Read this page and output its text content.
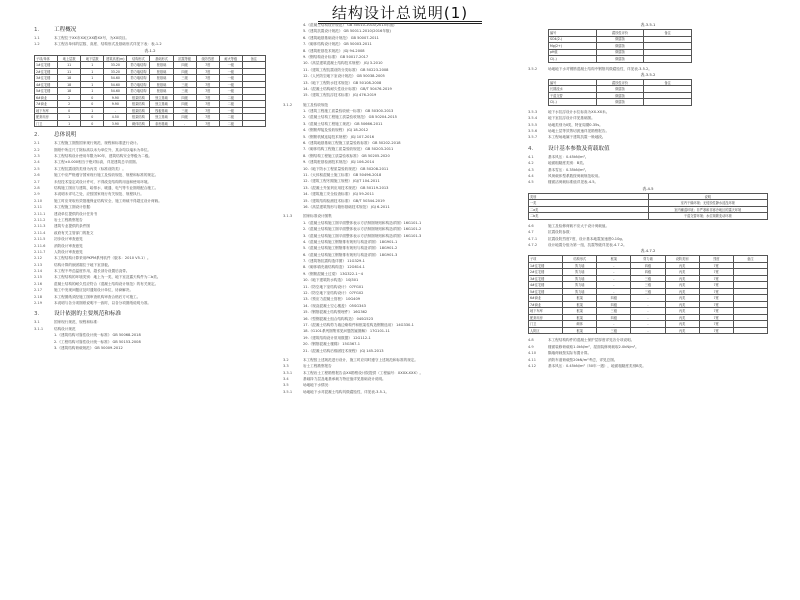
结构设计总说明(1)
1.	工程概况
1.1	本工程位于XX市XX区XX路XX号，为XX项目。
1.2	本工程各单体的层数、高度、结构形式及基础形式详见下表：表-1.2
表-1.2
子项/单体	地上层数	地下层数	建筑高度(m)	结构形式	基础形式	抗震等级	设防烈度	耐火等级	备注
1#住宅楼	11	1	33.20	剪力墙结构	桩基础	四级	7度	一级	
2#住宅楼	11	1	33.20	剪力墙结构	桩基础	四级	7度	一级	
3#住宅楼	18	1	54.60	剪力墙结构	桩基础	三级	7度	一级	
4#住宅楼	18	1	54.60	剪力墙结构	桩基础	三级	7度	一级	
5#住宅楼	18	1	54.60	剪力墙结构	桩基础	三级	7度	一级	
6#商业	2	0	9.90	框架结构	独立基础	四级	7度	二级	
7#商业	2	0	9.90	框架结构	独立基础	四级	7度	二级	
地下车库	0	1	-	框架结构	筏板基础	三级	7度	一级	
配套用房	1	0	4.50	框架结构	独立基础	四级	7度	二级	
门卫	1	0	3.90	砌体结构	条形基础	-	7度	二级	
2.	总体说明
2.1	本工程施工图按国家现行规范、规程和标准进行设计。
2.2	图纸中所注尺寸除标高以米为单位外，其余均以毫米为单位。
2.3	本工程结构设计使用年限为50年，建筑结构安全等级为二级。
2.4	本工程±0.000相当于绝对标高，详见建筑总平面图。
2.5	本工程抗震设防类别为丙类（标准设防类）。
2.6	施工中应严格遵守国家现行施工及验收规范、规程和标准的规定。
2.7	未经技术鉴定或设计许可，不得改变结构的用途和使用环境。
2.8	结构施工图应与建筑、给排水、暖通、电气等专业图纸配合施工。
2.9	本说明未详尽之处，应按国家现行有关规范、规程执行。
2.10	施工时应采取有效措施保证结构安全，施工荷载不得超过设计荷载。
2.11	本工程施工图设计依据：
2.11.1	建设单位提供的设计任务书
2.11.2	岩土工程勘察报告
2.11.3	建筑专业提供的条件图
2.11.4	政府有关主管部门的批文
2.11.5	初步设计审查意见
2.11.6	消防设计审查意见
2.11.7	人防设计审查意见
2.12	本工程结构计算采用PKPM系列软件（版本：2010 V5.1）。
2.13	结构计算的嵌固端位于地下室顶板。
2.14	本工程不考虑温度作用，超长部分设置后浇带。
2.15	本工程结构的环境类别：地上为一类，地下室及露天构件为二b类。
2.16	混凝土结构的耐久性应符合《混凝土结构设计规范》的有关规定。
2.17	施工中发现问题应及时通知设计单位，协商解决。
2.18	本工程图纸须经施工图审查机构审查合格后方可施工。
2.19	本说明与各分项图纸说明不一致时，以各分项图纸说明为准。
3.	设计依据的主要规范和标准
3.1	国家现行规范、规程和标准：
3.1.1	结构设计规范
1.《建筑结构可靠性设计统一标准》 GB 50068-2018
2.《工程结构可靠性设计统一标准》 GB 50153-2008
3.《建筑结构荷载规范》 GB 50009-2012
4.《混凝土结构设计规范》 GB 50010-2010(2015年版)
5.《建筑抗震设计规范》 GB 50011-2010(2016年版)
6.《建筑地基基础设计规范》 GB 50007-2011
7.《砌体结构设计规范》 GB 50003-2011
8.《建筑桩基技术规范》 JGJ 94-2008
9.《钢结构设计标准》 GB 50017-2017
10.《高层建筑混凝土结构技术规程》 JGJ 3-2010
11.《建筑工程抗震设防分类标准》 GB 50223-2008
12.《人民防空地下室设计规范》 GB 50038-2005
13.《地下工程防水技术规范》 GB 50108-2008
14.《混凝土结构耐久性设计标准》 GB/T 50476-2019
15.《建筑工程抗浮技术标准》 JGJ 476-2019
3.1.2	施工及验收规范
1.《建筑工程施工质量验收统一标准》 GB 50300-2013
2.《混凝土结构工程施工质量验收规范》 GB 50204-2015
3.《混凝土结构工程施工规范》 GB 50666-2011
4.《钢筋焊接及验收规程》 JGJ 18-2012
5.《钢筋机械连接技术规程》 JGJ 107-2016
6.《建筑地基基础工程施工质量验收标准》 GB 50202-2018
7.《砌体结构工程施工质量验收规范》 GB 50203-2011
8.《钢结构工程施工质量验收标准》 GB 50205-2020
9.《建筑桩基检测技术规范》 JGJ 106-2014
10.《地下防水工程质量验收规范》 GB 50208-2011
11.《大体积混凝土施工标准》 GB 50496-2018
12.《建筑工程冬期施工规程》 JGJ/T 104-2011
13.《混凝土外加剂应用技术规范》 GB 50119-2013
14.《建筑施工安全检查标准》 JGJ 59-2011
15.《建筑结构检测技术标准》 GB/T 50344-2019
16.《高层建筑筏形与箱形基础技术规范》 JGJ 6-2011
3.1.3	国家标准设计图集
1.《混凝土结构施工图平面整体表示方法制图规则和构造详图》16G101-1
2.《混凝土结构施工图平面整体表示方法制图规则和构造详图》16G101-2
3.《混凝土结构施工图平面整体表示方法制图规则和构造详图》16G101-3
4.《混凝土结构施工钢筋排布规则与构造详图》 18G901-1
5.《混凝土结构施工钢筋排布规则与构造详图》 18G901-2
6.《混凝土结构施工钢筋排布规则与构造详图》 18G901-3
7.《建筑物抗震构造详图》 11G329-1
8.《砌体填充墙结构构造》 12G614-1
9.《钢筋混凝土过梁》 13G322-1~4
10.《地下建筑防水构造》 10J301
11.《防空地下室结构设计》 07FG01
12.《防空地下室结构设计》 07FG02
13.《预应力混凝土管桩》 10G409
14.《现浇混凝土空心楼盖》 05SG343
15.《钢筋混凝土结构预埋件》 16G362
16.《型钢混凝土组合结构构造》 04SG523
17.《混凝土结构剪力墙边缘构件和框架柱构造钢筋选用》 14G330-1
18.《G101系列图集常见问题答疑图解》 17G101-11
19.《建筑结构设计常用数据》 12G112-1
20.《钢筋混凝土楼梯》 15G367-1
21.《混凝土结构后锚固技术规程》 JGJ 145-2013
3.2	本工程按上述规范进行设计，施工时应同时遵守上述规范和标准的规定。
3.3	岩土工程勘察报告
3.3.1	本工程岩土工程勘察报告由XX勘察设计院提供（工程编号：XXXX-XXX）。
3.4	基础持力层及地基承载力特征值详见基础设计说明。
3.5	场地地下水情况：
3.5.1	场地地下水对混凝土结构具微腐蚀性，详见表-3.5.1。
表-3.5.1
编号	腐蚀性评价	备注
SO4(2-)	微腐蚀	
Mg(2+)	微腐蚀	
pH值	微腐蚀	
Cl(-)	微腐蚀	
3.5.2	场地地下水对钢筋混凝土结构中钢筋具微腐蚀性，详见表-3.5.2。
表-3.5.2
编号	腐蚀性评价	备注
长期浸水	微腐蚀	
干湿交替	微腐蚀	
Cl(-)	微腐蚀	
3.5.3	地下水抗浮设计水位标高为XX.XX米。
3.5.4	地下室抗浮设计详见基础图。
3.5.5	场地类别为Ⅱ类，特征周期0.35s。
3.5.6	场地土层等效剪切波速详见勘察报告。
3.5.7	本工程场地属于建筑抗震一般地段。
4.	设计基本参数及荷载取值
4.1	基本风压：0.45kN/m²。
4.2	地面粗糙度类别：B类。
4.3	基本雪压：0.35kN/m²。
4.4	风荷载体型系数按荷载规范取用。
4.5	楼面活荷载标准值详见表-4.5。
表-4.5
类别	说明
一类	室内干燥环境；无侵蚀性静水浸没环境
二a类	室内潮湿环境；非严寒和非寒冷地区的露天环境
二b类	干湿交替环境；水位频繁变动环境
4.6	施工及检修荷载不应大于设计荷载值。
4.7	抗震设防参数：
4.7.1	抗震设防烈度7度，设计基本地震加速度0.10g。
4.7.2	设计地震分组为第一组，抗震等级详见表-4.7.2。
表-4.7.2
子项	结构形式	框架	剪力墙	设防类别	烈度	备注
1#住宅楼	剪力墙	-	四级	丙类	7度	
2#住宅楼	剪力墙	-	四级	丙类	7度	
3#住宅楼	剪力墙	-	三级	丙类	7度	
4#住宅楼	剪力墙	-	三级	丙类	7度	
5#住宅楼	剪力墙	-	三级	丙类	7度	
6#商业	框架	四级	-	丙类	7度	
7#商业	框架	四级	-	丙类	7度	
地下车库	框架	三级	-	丙类	7度	
配套用房	框架	四级	-	丙类	7度	
门卫	砌体	-	-	丙类	7度	
人防区	框架	三级	-	丙类	7度	
4.8	本工程结构构件的混凝土保护层厚度详见各分项说明。
4.9	楼面装修荷载取1.0kN/m²，屋面装修荷载取2.0kN/m²。
4.10	隔墙荷载按实际布置计算。
4.11	消防车道荷载按20kN/m²考虑，详见总图。
4.12	基本风压：0.45kN/m²（50年一遇），地面粗糙度类别B类。
